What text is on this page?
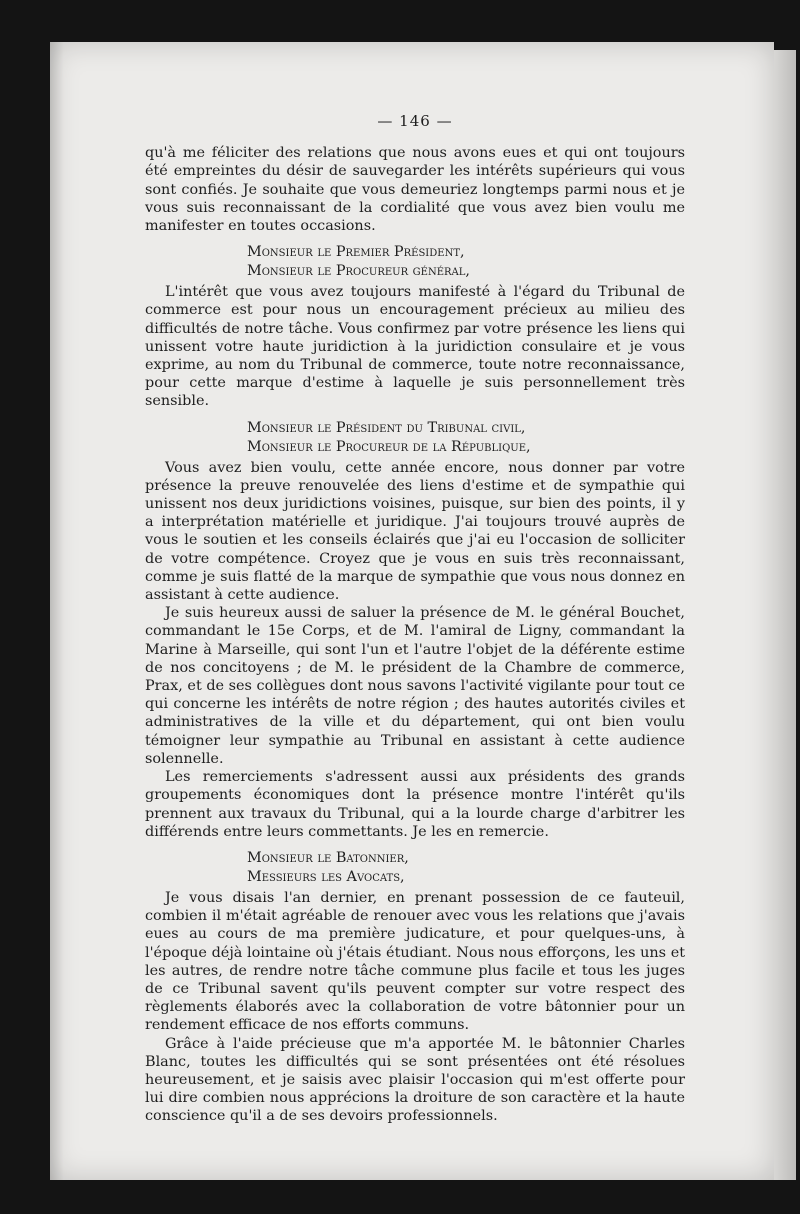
— 146 —

qu'à me féliciter des relations que nous avons eues et qui ont toujours été empreintes du désir de sauvegarder les intérêts supérieurs qui vous sont confiés. Je souhaite que vous demeuriez longtemps parmi nous et je vous suis reconnaissant de la cordialité que vous avez bien voulu me manifester en toutes occasions.

Monsieur le Premier Président,
Monsieur le Procureur général,

L'intérêt que vous avez toujours manifesté à l'égard du Tribunal de commerce est pour nous un encouragement précieux au milieu des difficultés de notre tâche. Vous confirmez par votre présence les liens qui unissent votre haute juridiction à la juridiction consulaire et je vous exprime, au nom du Tribunal de commerce, toute notre reconnaissance, pour cette marque d'estime à laquelle je suis personnellement très sensible.

Monsieur le Président du Tribunal civil,
Monsieur le Procureur de la République,

Vous avez bien voulu, cette année encore, nous donner par votre présence la preuve renouvelée des liens d'estime et de sympathie qui unissent nos deux juridictions voisines, puisque, sur bien des points, il y a interprétation matérielle et juridique. J'ai toujours trouvé auprès de vous le soutien et les conseils éclairés que j'ai eu l'occasion de solliciter de votre compétence. Croyez que je vous en suis très reconnaissant, comme je suis flatté de la marque de sympathie que vous nous donnez en assistant à cette audience.

Je suis heureux aussi de saluer la présence de M. le général Bouchet, commandant le 15e Corps, et de M. l'amiral de Ligny, commandant la Marine à Marseille, qui sont l'un et l'autre l'objet de la déférente estime de nos concitoyens ; de M. le président de la Chambre de commerce, Prax, et de ses collègues dont nous savons l'activité vigilante pour tout ce qui concerne les intérêts de notre région ; des hautes autorités civiles et administratives de la ville et du département, qui ont bien voulu témoigner leur sympathie au Tribunal en assistant à cette audience solennelle.

Les remerciements s'adressent aussi aux présidents des grands groupements économiques dont la présence montre l'intérêt qu'ils prennent aux travaux du Tribunal, qui a la lourde charge d'arbitrer les différends entre leurs commettants. Je les en remercie.

Monsieur le Batonnier,
Messieurs les Avocats,

Je vous disais l'an dernier, en prenant possession de ce fauteuil, combien il m'était agréable de renouer avec vous les relations que j'avais eues au cours de ma première judicature, et pour quelques-uns, à l'époque déjà lointaine où j'étais étudiant. Nous nous efforçons, les uns et les autres, de rendre notre tâche commune plus facile et tous les juges de ce Tribunal savent qu'ils peuvent compter sur votre respect des règlements élaborés avec la collaboration de votre bâtonnier pour un rendement efficace de nos efforts communs.

Grâce à l'aide précieuse que m'a apportée M. le bâtonnier Charles Blanc, toutes les difficultés qui se sont présentées ont été résolues heureusement, et je saisis avec plaisir l'occasion qui m'est offerte pour lui dire combien nous apprécions la droiture de son caractère et la haute conscience qu'il a de ses devoirs professionnels.
